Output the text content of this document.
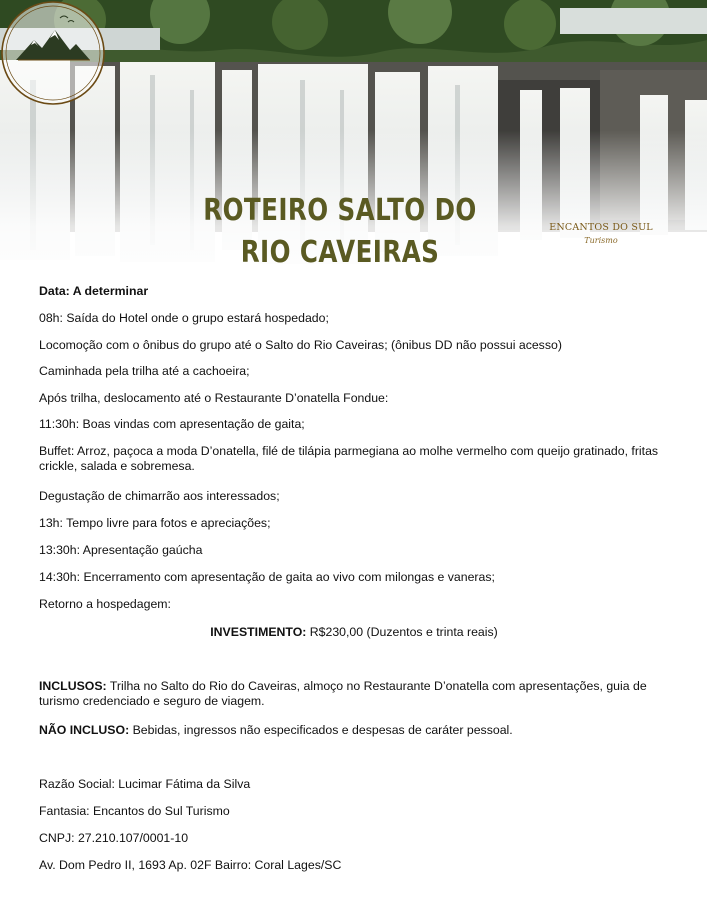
ROTEIRO SALTO DO
RIO CAVEIRAS
ENCANTOS DO SUL
Turismo
Data: A determinar
08h: Saída do Hotel onde o grupo estará hospedado;
Locomoção com o ônibus do grupo até o Salto do Rio Caveiras; (ônibus DD não possui acesso)
Caminhada pela trilha até a cachoeira;
Após trilha, deslocamento até o Restaurante D’onatella Fondue:
11:30h: Boas vindas com apresentação de gaita;
Buffet: Arroz, paçoca a moda D’onatella, filé de tilápia parmegiana ao molhe vermelho com queijo gratinado, fritas crickle, salada e sobremesa.
Degustação de chimarrão aos interessados;
13h: Tempo livre para fotos e apreciações;
13:30h: Apresentação gaúcha
14:30h: Encerramento com apresentação de gaita ao vivo com milongas e vaneras;
Retorno a hospedagem:
INVESTIMENTO: R$230,00 (Duzentos e trinta reais)
INCLUSOS: Trilha no Salto do Rio do Caveiras, almoço no Restaurante D’onatella com apresentações, guia de turismo credenciado e seguro de viagem.
NÃO INCLUSO: Bebidas, ingressos não especificados e despesas de caráter pessoal.
Razão Social: Lucimar Fátima da Silva
Fantasia: Encantos do Sul Turismo
CNPJ: 27.210.107/0001-10
Av. Dom Pedro II, 1693 Ap. 02F Bairro: Coral Lages/SC
